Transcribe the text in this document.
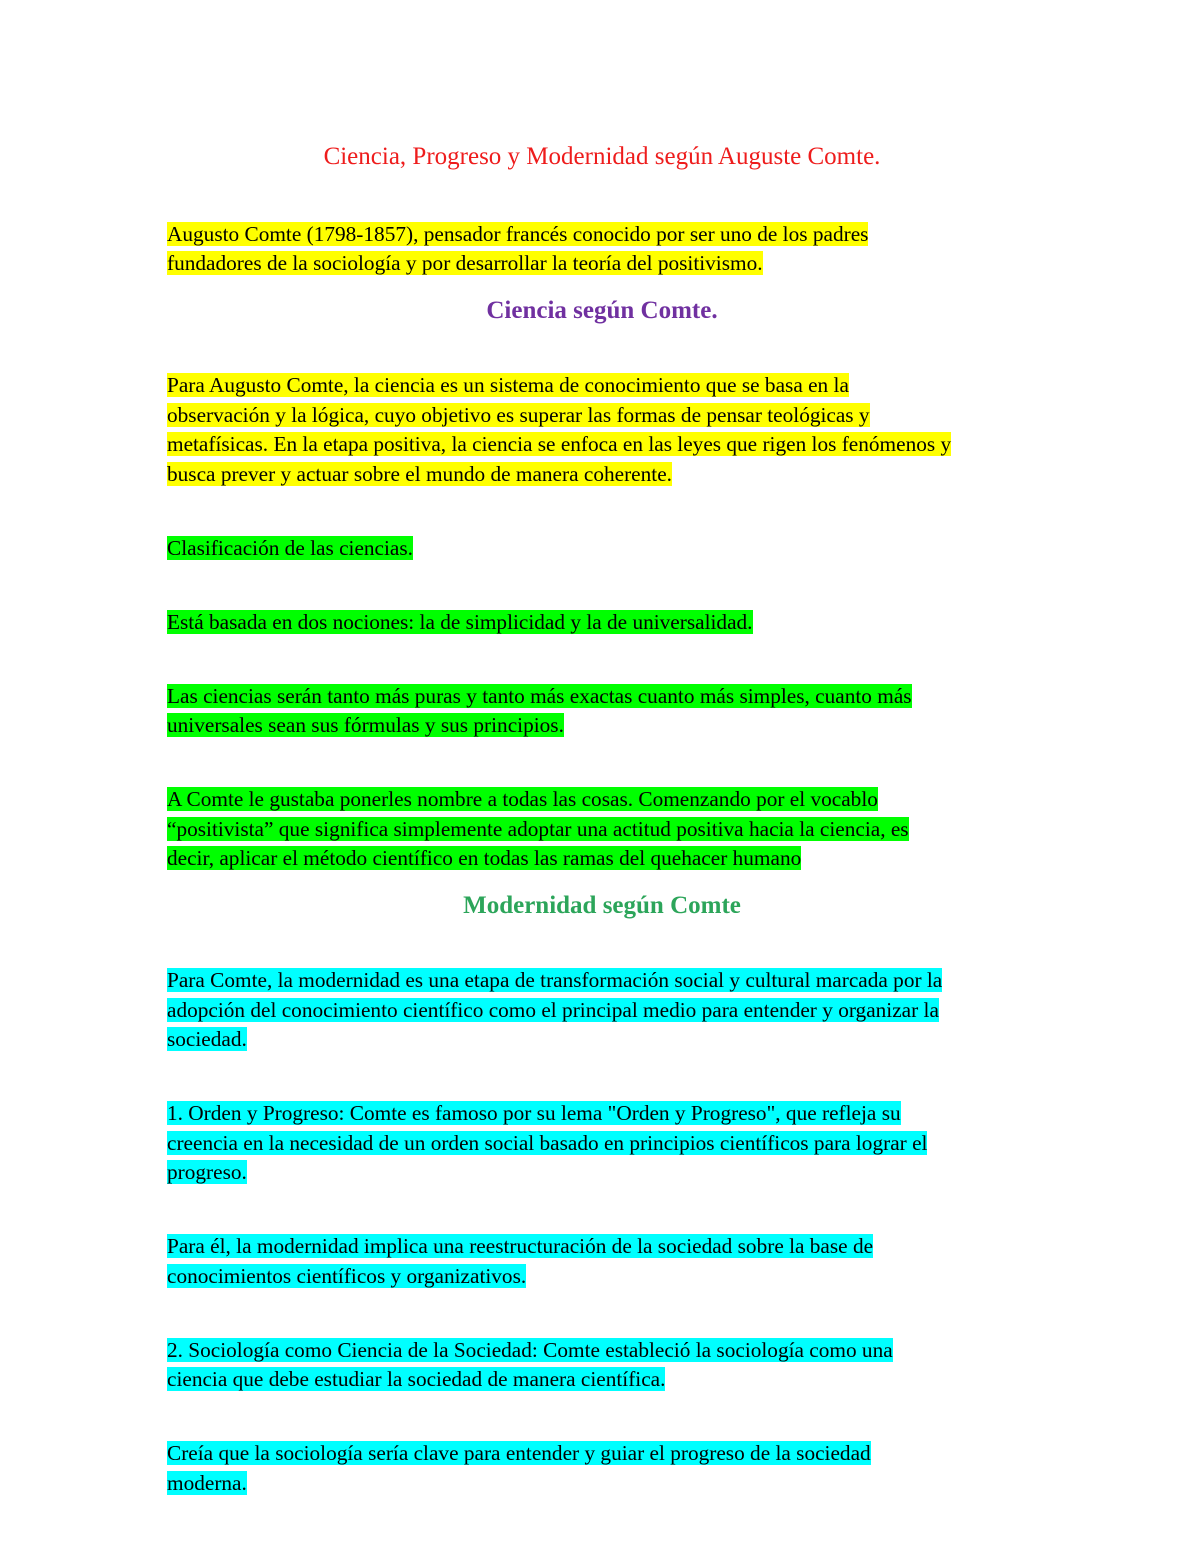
Ciencia, Progreso y Modernidad según Auguste Comte.

Augusto Comte (1798-1857), pensador francés conocido por ser uno de los padres
fundadores de la sociología y por desarrollar la teoría del positivismo.

Ciencia según Comte.

Para Augusto Comte, la ciencia es un sistema de conocimiento que se basa en la
observación y la lógica, cuyo objetivo es superar las formas de pensar teológicas y
metafísicas. En la etapa positiva, la ciencia se enfoca en las leyes que rigen los fenómenos y
busca prever y actuar sobre el mundo de manera coherente.

Clasificación de las ciencias.

Está basada en dos nociones: la de simplicidad y la de universalidad.

Las ciencias serán tanto más puras y tanto más exactas cuanto más simples, cuanto más
universales sean sus fórmulas y sus principios.

A Comte le gustaba ponerles nombre a todas las cosas. Comenzando por el vocablo
“positivista” que significa simplemente adoptar una actitud positiva hacia la ciencia, es
decir, aplicar el método científico en todas las ramas del quehacer humano

Modernidad según Comte

Para Comte, la modernidad es una etapa de transformación social y cultural marcada por la
adopción del conocimiento científico como el principal medio para entender y organizar la
sociedad.

1. Orden y Progreso: Comte es famoso por su lema "Orden y Progreso", que refleja su
creencia en la necesidad de un orden social basado en principios científicos para lograr el
progreso.

Para él, la modernidad implica una reestructuración de la sociedad sobre la base de
conocimientos científicos y organizativos.

2. Sociología como Ciencia de la Sociedad: Comte estableció la sociología como una
ciencia que debe estudiar la sociedad de manera científica.

Creía que la sociología sería clave para entender y guiar el progreso de la sociedad
moderna.
